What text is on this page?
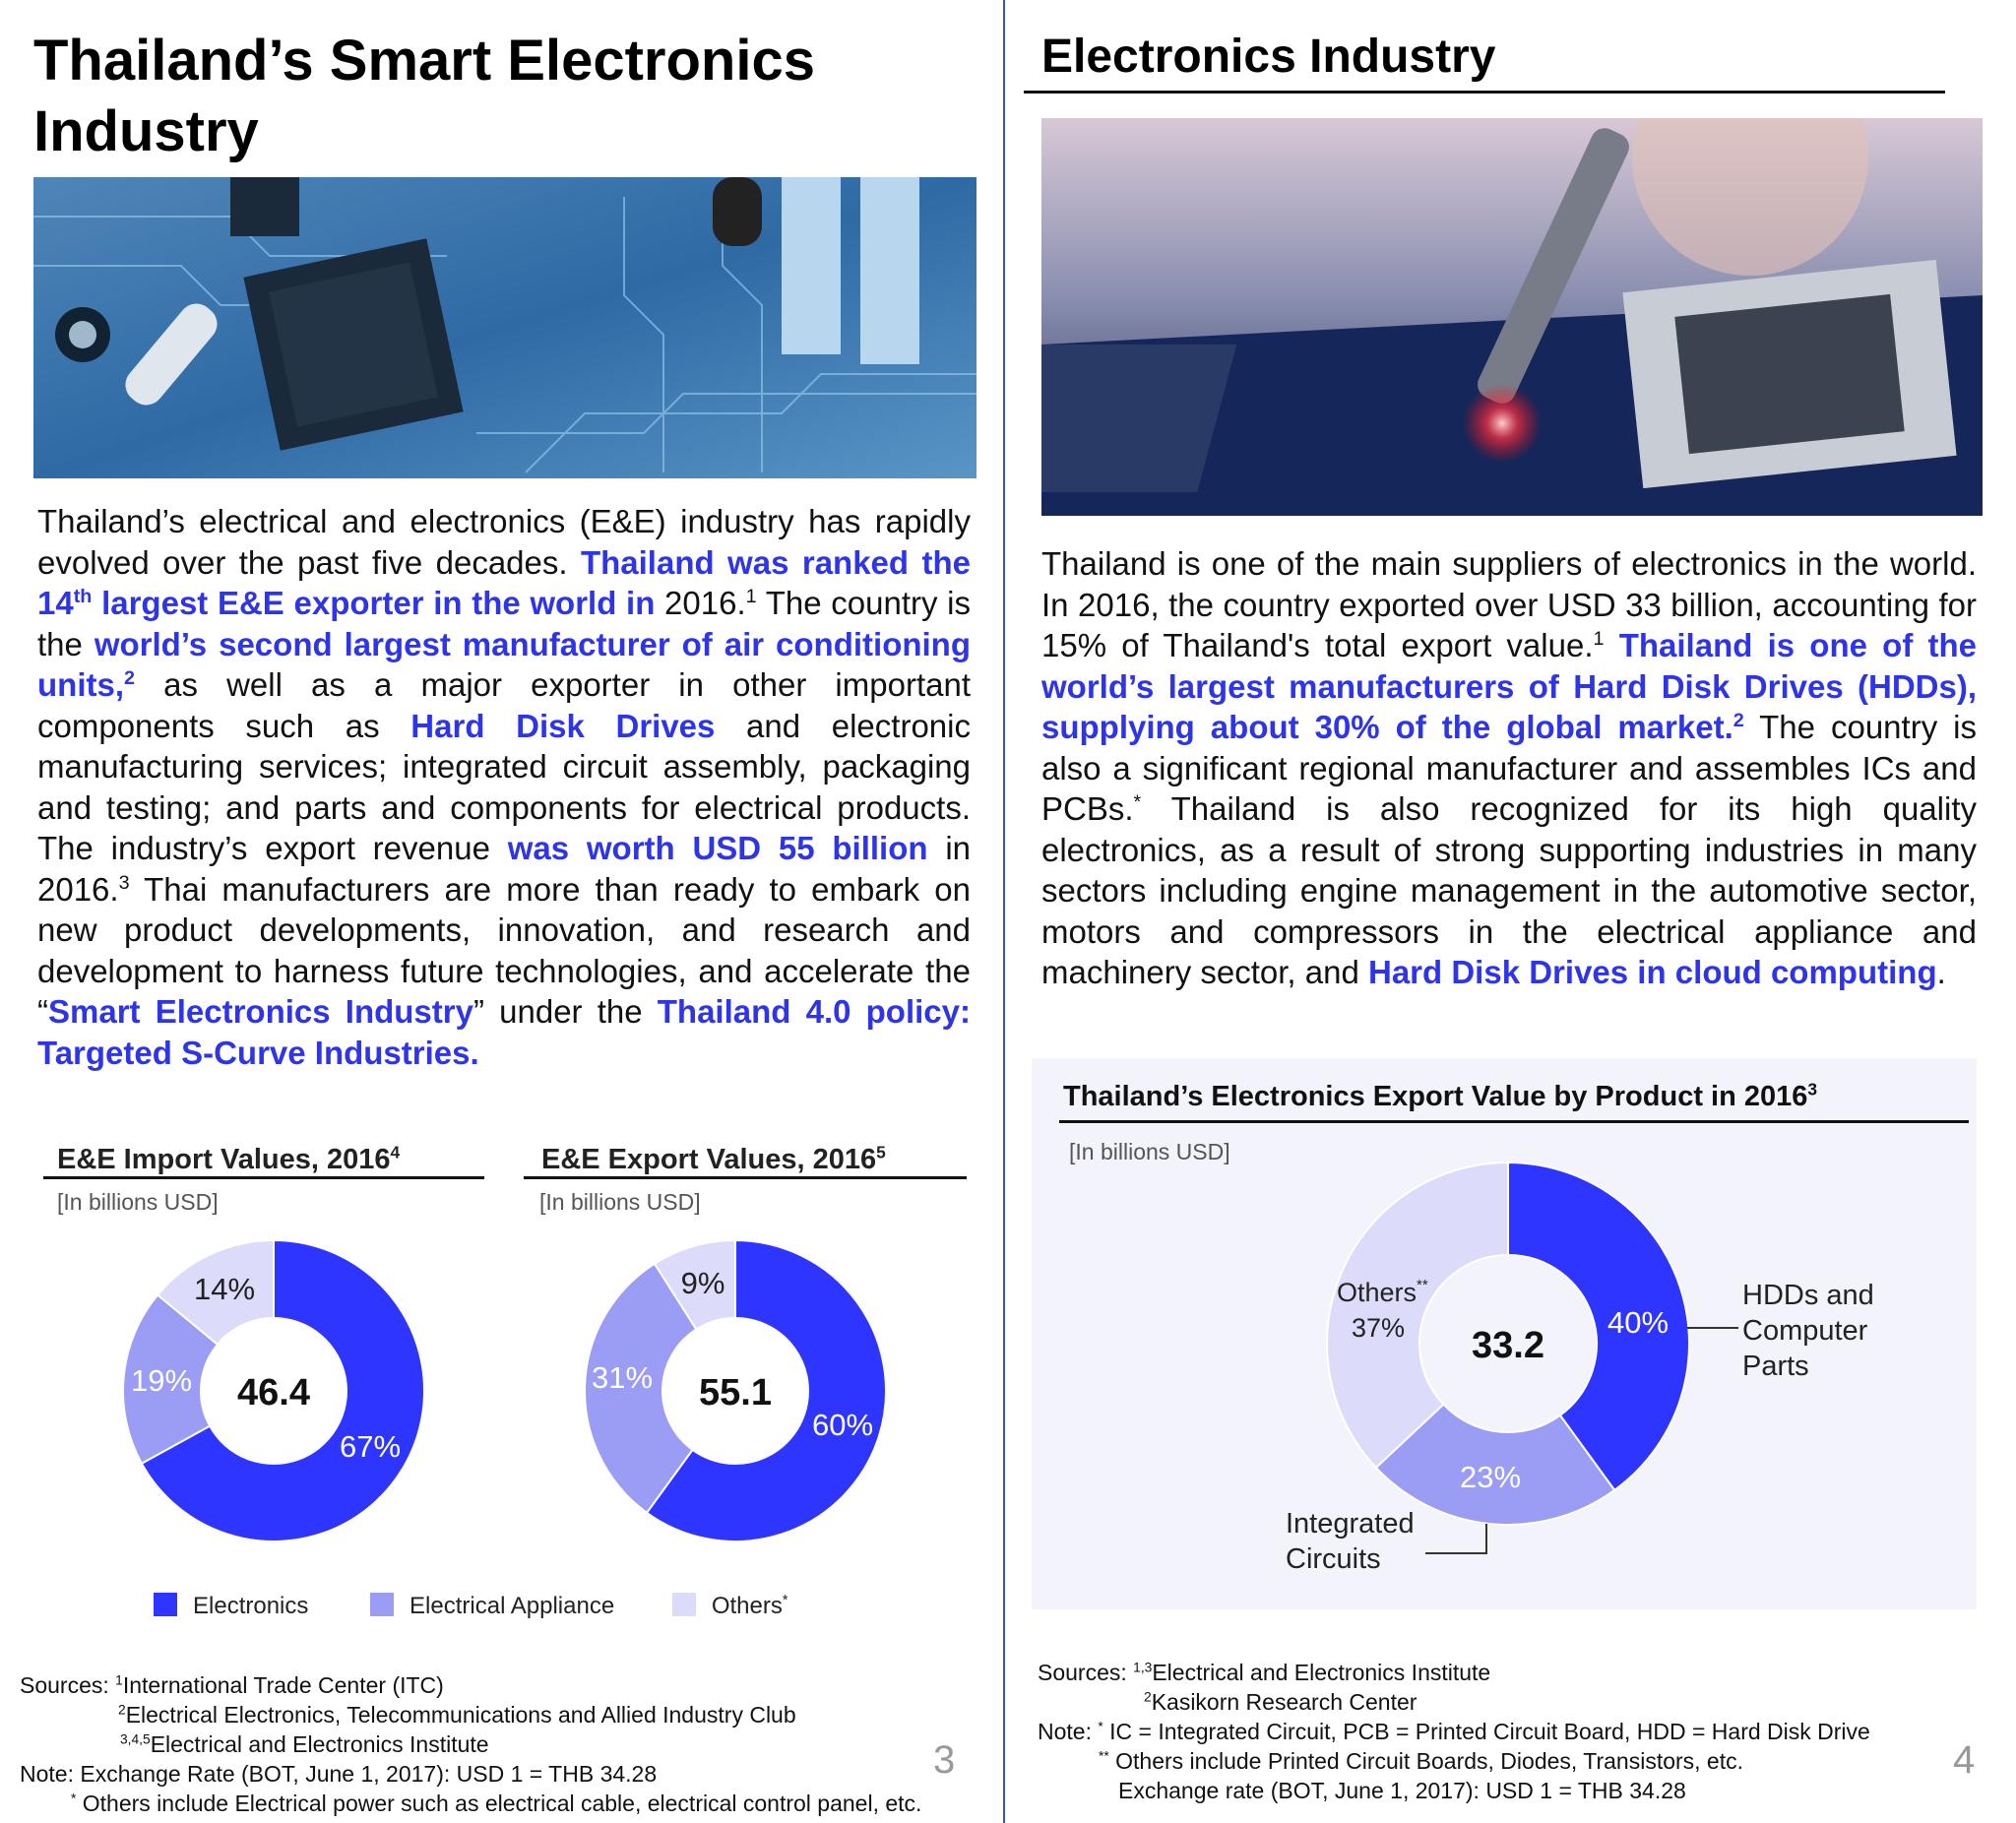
Thailand’s Smart Electronics Industry
Thailand’s electrical and electronics (E&E) industry has rapidly evolved over the past five decades. Thailand was ranked the 14th largest E&E exporter in the world in 2016.$^1$ The country is the world’s second largest manufacturer of air conditioning units,$^2$ as well as a major exporter in other important components such as Hard Disk Drives and electronic manufacturing services; integrated circuit assembly, packaging and testing; and parts and components for electrical products. The industry’s export revenue was worth USD 55 billion in 2016.$^3$ Thai manufacturers are more than ready to embark on new product developments, innovation, and research and development to harness future technologies, and accelerate the “Smart Electronics Industry” under the Thailand 4.0 policy: Targeted S-Curve Industries.
E&E Import Values, 2016$^4$
[In billions USD]
E&E Export Values, 2016$^5$
[In billions USD]
67%
19%
14%
46.4
60%
31%
9%
55.1
Electronics	Electrical Appliance	Others*
Sources: $^1$International Trade Center (ITC)
$^2$Electrical Electronics, Telecommunications and Allied Industry Club
$^{3,4,5}$Electrical and Electronics Institute
Note: Exchange Rate (BOT, June 1, 2017): USD 1 = THB 34.28
* Others include Electrical power such as electrical cable, electrical control panel, etc.
3
Electronics Industry
Thailand is one of the main suppliers of electronics in the world. In 2016, the country exported over USD 33 billion, accounting for 15% of Thailand's total export value.$^1$ Thailand is one of the world’s largest manufacturers of Hard Disk Drives (HDDs), supplying about 30% of the global market.$^2$ The country is also a significant regional manufacturer and assembles ICs and PCBs.* Thailand is also recognized for its high quality electronics, as a result of strong supporting industries in many sectors including engine management in the automotive sector, motors and compressors in the electrical appliance and machinery sector, and Hard Disk Drives in cloud computing.
Thailand’s Electronics Export Value by Product in 2016$^3$
[In billions USD]
40%
23%
37% 33.2
HDDs and
Computer
Parts
Integrated
Circuits
Others**
Sources: $^{1,3}$Electrical and Electronics Institute
$^2$Kasikorn Research Center
Note: * IC = Integrated Circuit, PCB = Printed Circuit Board, HDD = Hard Disk Drive
** Others include Printed Circuit Boards, Diodes, Transistors, etc.
Exchange rate (BOT, June 1, 2017): USD 1 = THB 34.28
4
